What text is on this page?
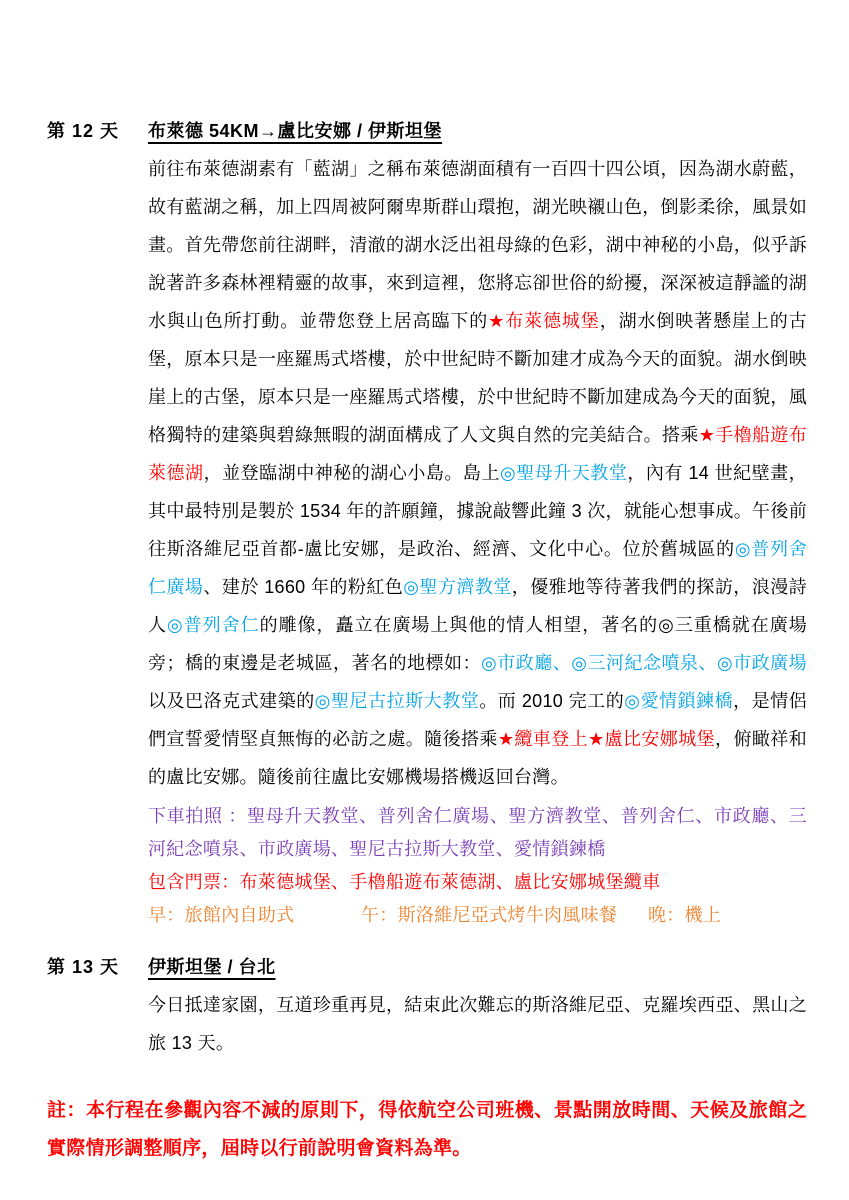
第 12 天	布萊德 54KM→盧比安娜 / 伊斯坦堡

前往布萊德湖素有「藍湖」之稱布萊德湖面積有一百四十四公頃，因為湖水蔚藍，故有藍湖之稱，加上四周被阿爾卑斯群山環抱，湖光映襯山色，倒影柔徐，風景如畫。首先帶您前往湖畔，清澈的湖水泛出祖母綠的色彩，湖中神秘的小島，似乎訴說著許多森林裡精靈的故事，來到這裡，您將忘卻世俗的紛擾，深深被這靜謐的湖水與山色所打動。並帶您登上居高臨下的★布萊德城堡，湖水倒映著懸崖上的古堡，原本只是一座羅馬式塔樓，於中世紀時不斷加建才成為今天的面貌。湖水倒映崖上的古堡，原本只是一座羅馬式塔樓，於中世紀時不斷加建成為今天的面貌，風格獨特的建築與碧綠無暇的湖面構成了人文與自然的完美結合。搭乘★手櫓船遊布萊德湖，並登臨湖中神秘的湖心小島。島上◎聖母升天教堂，內有 14 世紀壁畫，其中最特別是製於 1534 年的許願鐘，據說敲響此鐘 3 次，就能心想事成。午後前往斯洛維尼亞首都-盧比安娜，是政治、經濟、文化中心。位於舊城區的◎普列舍仁廣場、建於 1660 年的粉紅色◎聖方濟教堂，優雅地等待著我們的探訪，浪漫詩人◎普列舍仁的雕像，矗立在廣場上與他的情人相望，著名的◎三重橋就在廣場旁；橋的東邊是老城區，著名的地標如：◎市政廳、◎三河紀念噴泉、◎市政廣場以及巴洛克式建築的◎聖尼古拉斯大教堂。而 2010 完工的◎愛情鎖鍊橋，是情侶們宣誓愛情堅貞無悔的必訪之處。隨後搭乘★纜車登上★盧比安娜城堡，俯瞰祥和的盧比安娜。隨後前往盧比安娜機場搭機返回台灣。

下車拍照 ：聖母升天教堂、普列舍仁廣場、聖方濟教堂、普列舍仁、市政廳、三河紀念噴泉、市政廣場、聖尼古拉斯大教堂、愛情鎖鍊橋

包含門票：布萊德城堡、手櫓船遊布萊德湖、盧比安娜城堡纜車

早：旅館內自助式	午：斯洛維尼亞式烤牛肉風味餐	晚：機上
第 13 天	伊斯坦堡 / 台北

今日抵達家園，互道珍重再見，結束此次難忘的斯洛維尼亞、克羅埃西亞、黑山之旅 13 天。

註：本行程在參觀內容不減的原則下，得依航空公司班機、景點開放時間、天候及旅館之實際情形調整順序，屆時以行前說明會資料為準。
